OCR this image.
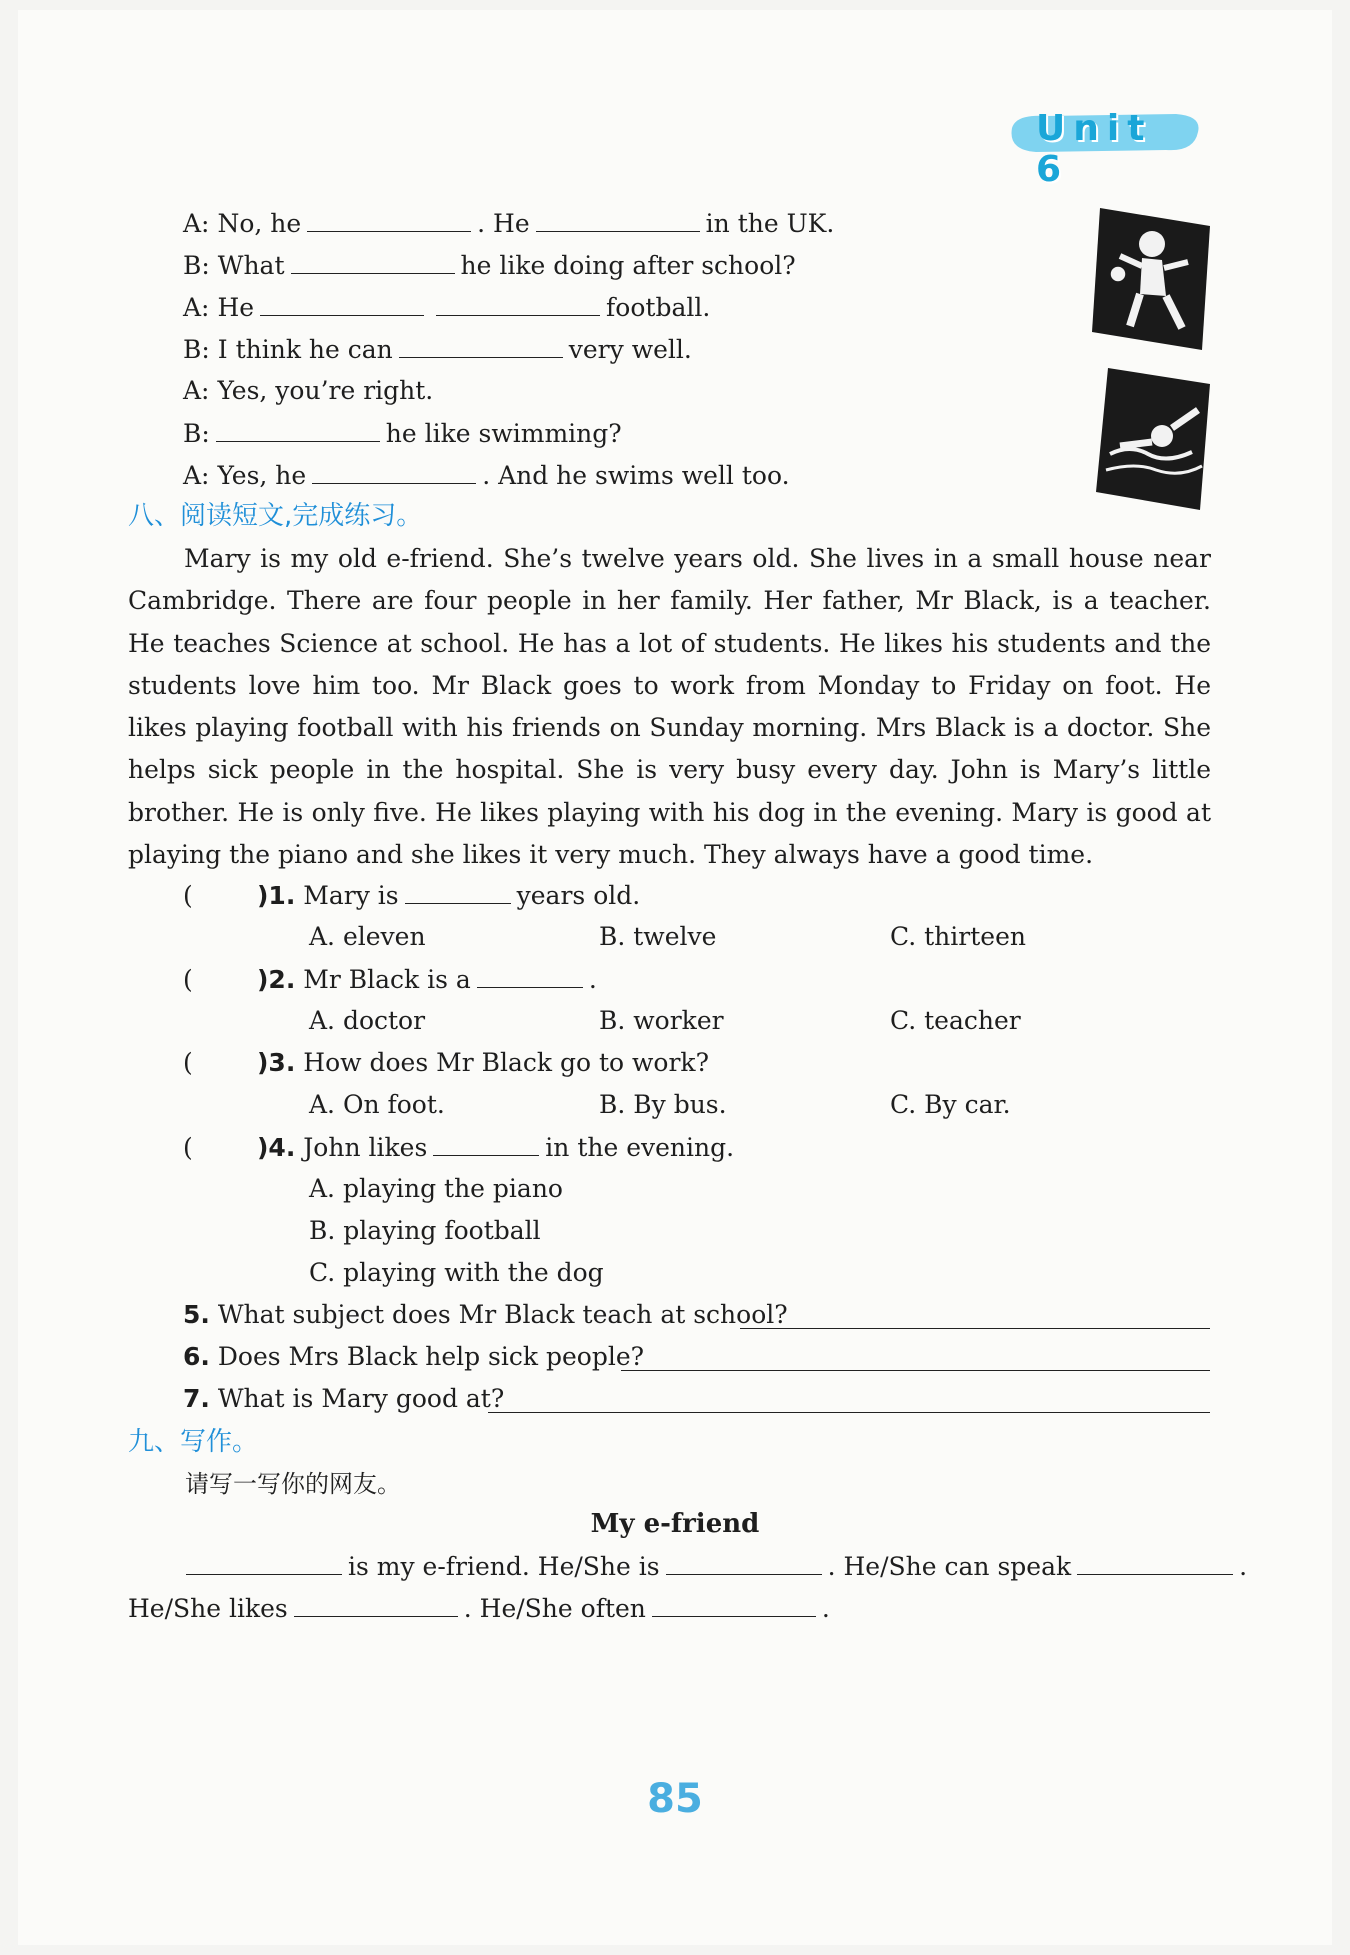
Unit 6
A: No, he	. He	in the UK.
B: What	he like doing after school?
A: He	football.
B: I think he can	very well.
A: Yes, you’re right.
B:	he like swimming?
A: Yes, he	. And he swims well too.
八、阅读短文,完成练习。

Mary is my old e-friend. She’s twelve years old. She lives in a small house near Cambridge. There are four people in her family. Her father, Mr Black, is a teacher. He teaches Science at school. He has a lot of students. He likes his students and the students love him too. Mr Black goes to work from Monday to Friday on foot. He likes playing football with his friends on Sunday morning. Mrs Black is a doctor. She helps sick people in the hospital. She is very busy every day. John is Mary’s little brother. He is only five. He likes playing with his dog in the evening. Mary is good at playing the piano and she likes it very much. They always have a good time.

(	)1. Mary is	years old.
A. eleven	B. twelve	C. thirteen
(	)2. Mr Black is a	.
A. doctor	B. worker	C. teacher
(	)3. How does Mr Black go to work?
A. On foot.	B. By bus.	C. By car.
(	)4. John likes	in the evening.
A. playing the piano
B. playing football
C. playing with the dog
5. What subject does Mr Black teach at school?
6. Does Mrs Black help sick people?
7. What is Mary good at?
九、写作。
请写一写你的网友。
My e-friend
is my e-friend. He/She is	. He/She can speak	.
He/She likes	. He/She often	.
85
